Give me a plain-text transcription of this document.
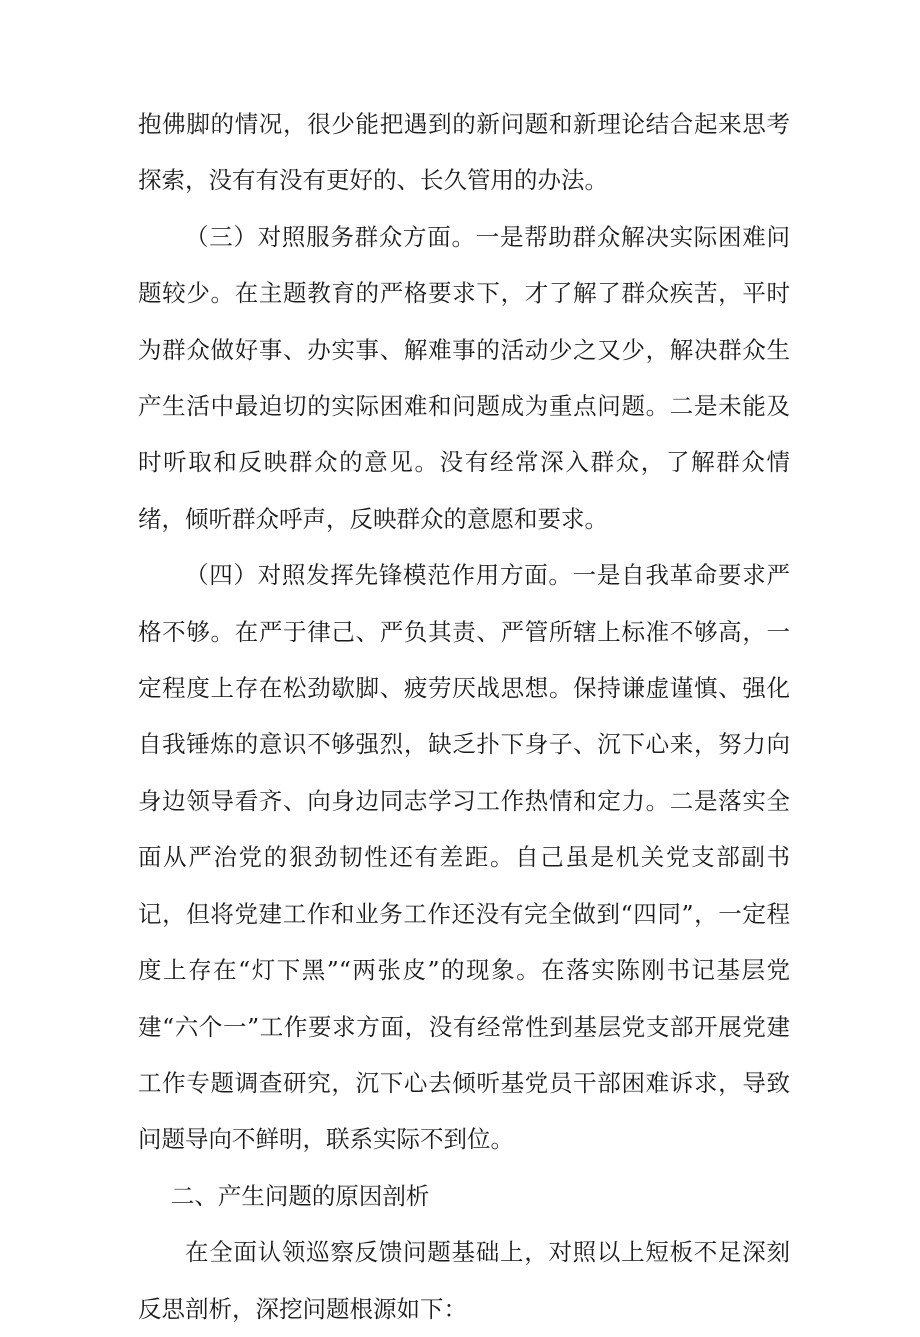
抱佛脚的情况，很少能把遇到的新问题和新理论结合起来思考探索，没有有没有更好的、长久管用的办法。

（三）对照服务群众方面。一是帮助群众解决实际困难问题较少。在主题教育的严格要求下，才了解了群众疾苦，平时为群众做好事、办实事、解难事的活动少之又少，解决群众生产生活中最迫切的实际困难和问题成为重点问题。二是未能及时听取和反映群众的意见。没有经常深入群众，了解群众情绪，倾听群众呼声，反映群众的意愿和要求。

（四）对照发挥先锋模范作用方面。一是自我革命要求严格不够。在严于律己、严负其责、严管所辖上标准不够高，一定程度上存在松劲歇脚、疲劳厌战思想。保持谦虚谨慎、强化自我锤炼的意识不够强烈，缺乏扑下身子、沉下心来，努力向身边领导看齐、向身边同志学习工作热情和定力。二是落实全面从严治党的狠劲韧性还有差距。自己虽是机关党支部副书记，但将党建工作和业务工作还没有完全做到“四同”，一定程度上存在“灯下黑”“两张皮”的现象。在落实陈刚书记基层党建“六个一”工作要求方面，没有经常性到基层党支部开展党建工作专题调查研究，沉下心去倾听基党员干部困难诉求，导致问题导向不鲜明，联系实际不到位。

二、产生问题的原因剖析

在全面认领巡察反馈问题基础上，对照以上短板不足深刻反思剖析，深挖问题根源如下：
